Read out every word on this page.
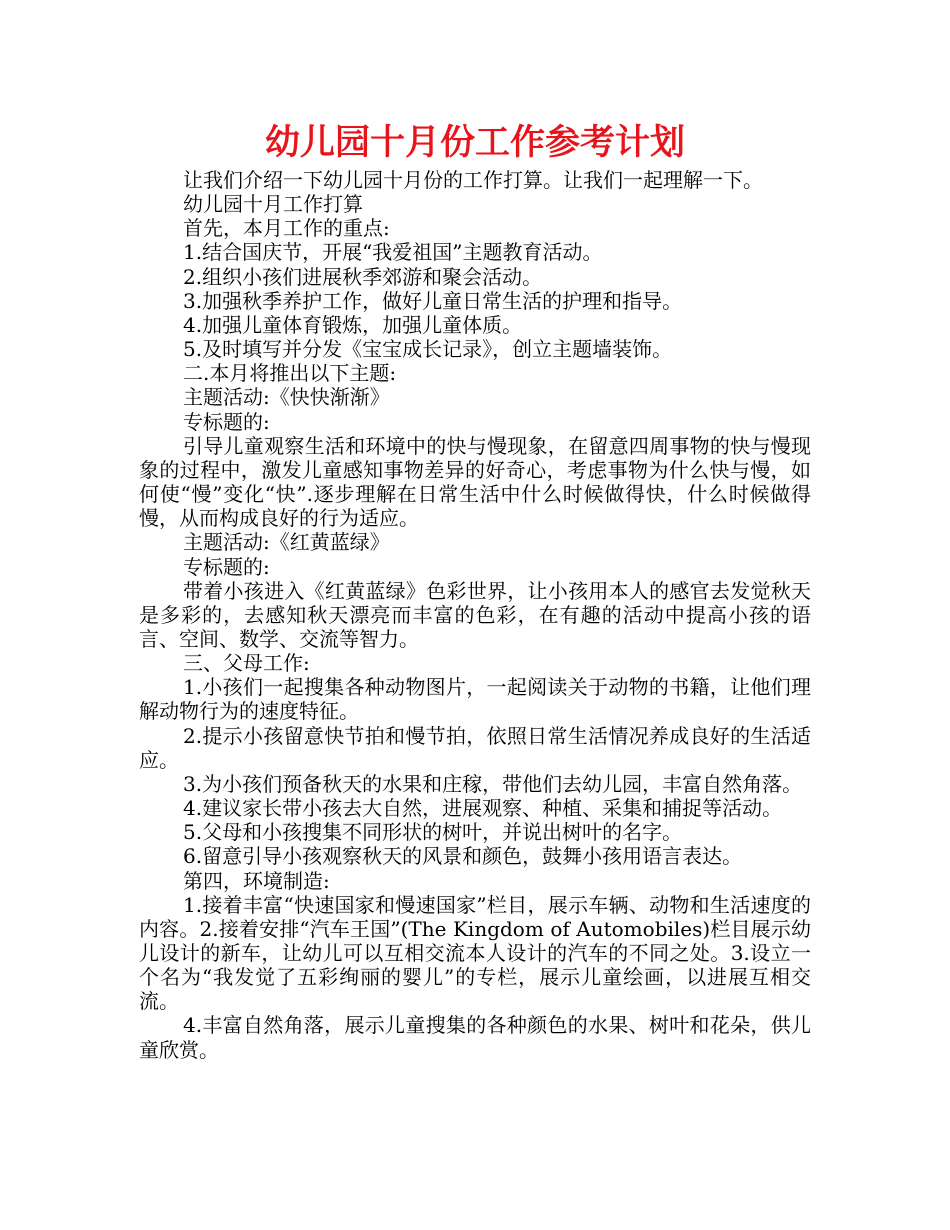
幼儿园十月份工作参考计划

让我们介绍一下幼儿园十月份的工作打算。让我们一起理解一下。

幼儿园十月工作打算

首先，本月工作的重点:

1.结合国庆节，开展“我爱祖国”主题教育活动。

2.组织小孩们进展秋季郊游和聚会活动。

3.加强秋季养护工作，做好儿童日常生活的护理和指导。

4.加强儿童体育锻炼，加强儿童体质。

5.及时填写并分发《宝宝成长记录》，创立主题墙装饰。

二.本月将推出以下主题:

主题活动:《快快渐渐》

专标题的:

引导儿童观察生活和环境中的快与慢现象，在留意四周事物的快与慢现象的过程中，激发儿童感知事物差异的好奇心，考虑事物为什么快与慢，如何使“慢”变化“快”.逐步理解在日常生活中什么时候做得快，什么时候做得慢，从而构成良好的行为适应。

主题活动:《红黄蓝绿》

专标题的:

带着小孩进入《红黄蓝绿》色彩世界，让小孩用本人的感官去发觉秋天是多彩的，去感知秋天漂亮而丰富的色彩，在有趣的活动中提高小孩的语言、空间、数学、交流等智力。

三、父母工作:

1.小孩们一起搜集各种动物图片，一起阅读关于动物的书籍，让他们理解动物行为的速度特征。

2.提示小孩留意快节拍和慢节拍，依照日常生活情况养成良好的生活适应。

3.为小孩们预备秋天的水果和庄稼，带他们去幼儿园，丰富自然角落。

4.建议家长带小孩去大自然，进展观察、种植、采集和捕捉等活动。

5.父母和小孩搜集不同形状的树叶，并说出树叶的名字。

6.留意引导小孩观察秋天的风景和颜色，鼓舞小孩用语言表达。

第四，环境制造:

1.接着丰富“快速国家和慢速国家”栏目，展示车辆、动物和生活速度的内容。2.接着安排“汽车王国”(The Kingdom of Automobiles)栏目展示幼儿设计的新车，让幼儿可以互相交流本人设计的汽车的不同之处。3.设立一个名为“我发觉了五彩绚丽的婴儿”的专栏，展示儿童绘画，以进展互相交流。

4.丰富自然角落，展示儿童搜集的各种颜色的水果、树叶和花朵，供儿童欣赏。
